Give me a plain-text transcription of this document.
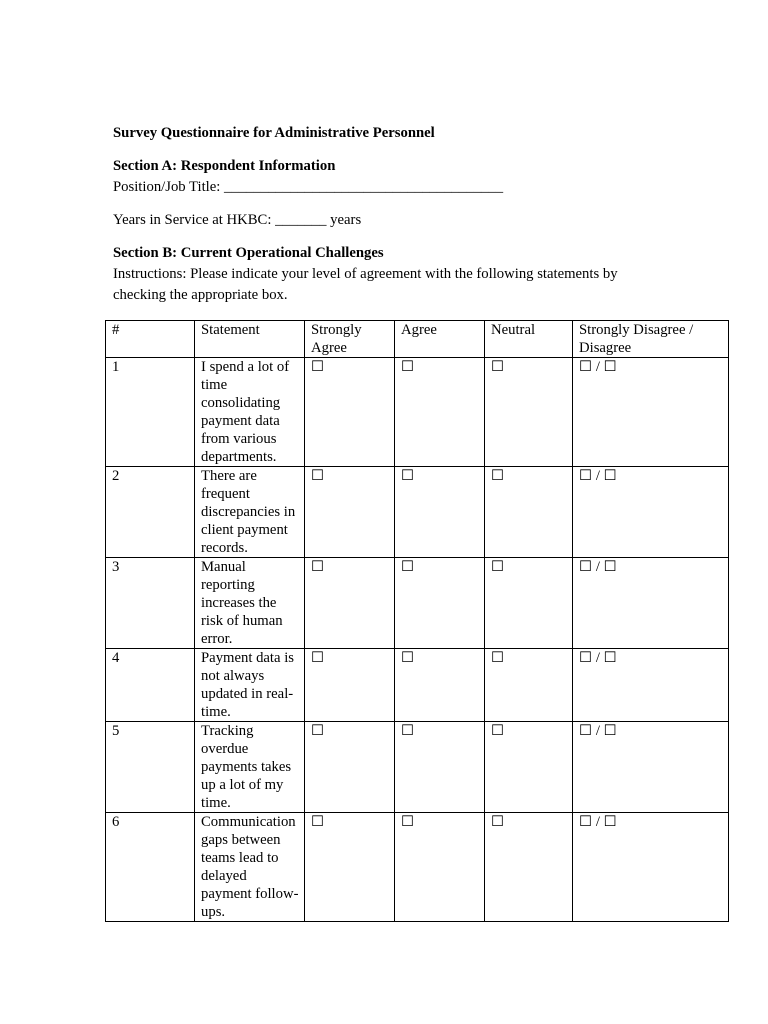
Survey Questionnaire for Administrative Personnel
Section A: Respondent Information
Position/Job Title: ______________________________________
Years in Service at HKBC: _______ years
Section B: Current Operational Challenges
Instructions: Please indicate your level of agreement with the following statements by checking the appropriate box.
#	Statement	Strongly Agree	Agree	Neutral	Strongly Disagree / Disagree
1	I spend a lot of time consolidating payment data from various departments.	☐	☐	☐	☐ / ☐
2	There are frequent discrepancies in client payment records.	☐	☐	☐	☐ / ☐
3	Manual reporting increases the risk of human error.	☐	☐	☐	☐ / ☐
4	Payment data is not always updated in real-time.	☐	☐	☐	☐ / ☐
5	Tracking overdue payments takes up a lot of my time.	☐	☐	☐	☐ / ☐
6	Communication gaps between teams lead to delayed payment follow-ups.	☐	☐	☐	☐ / ☐
